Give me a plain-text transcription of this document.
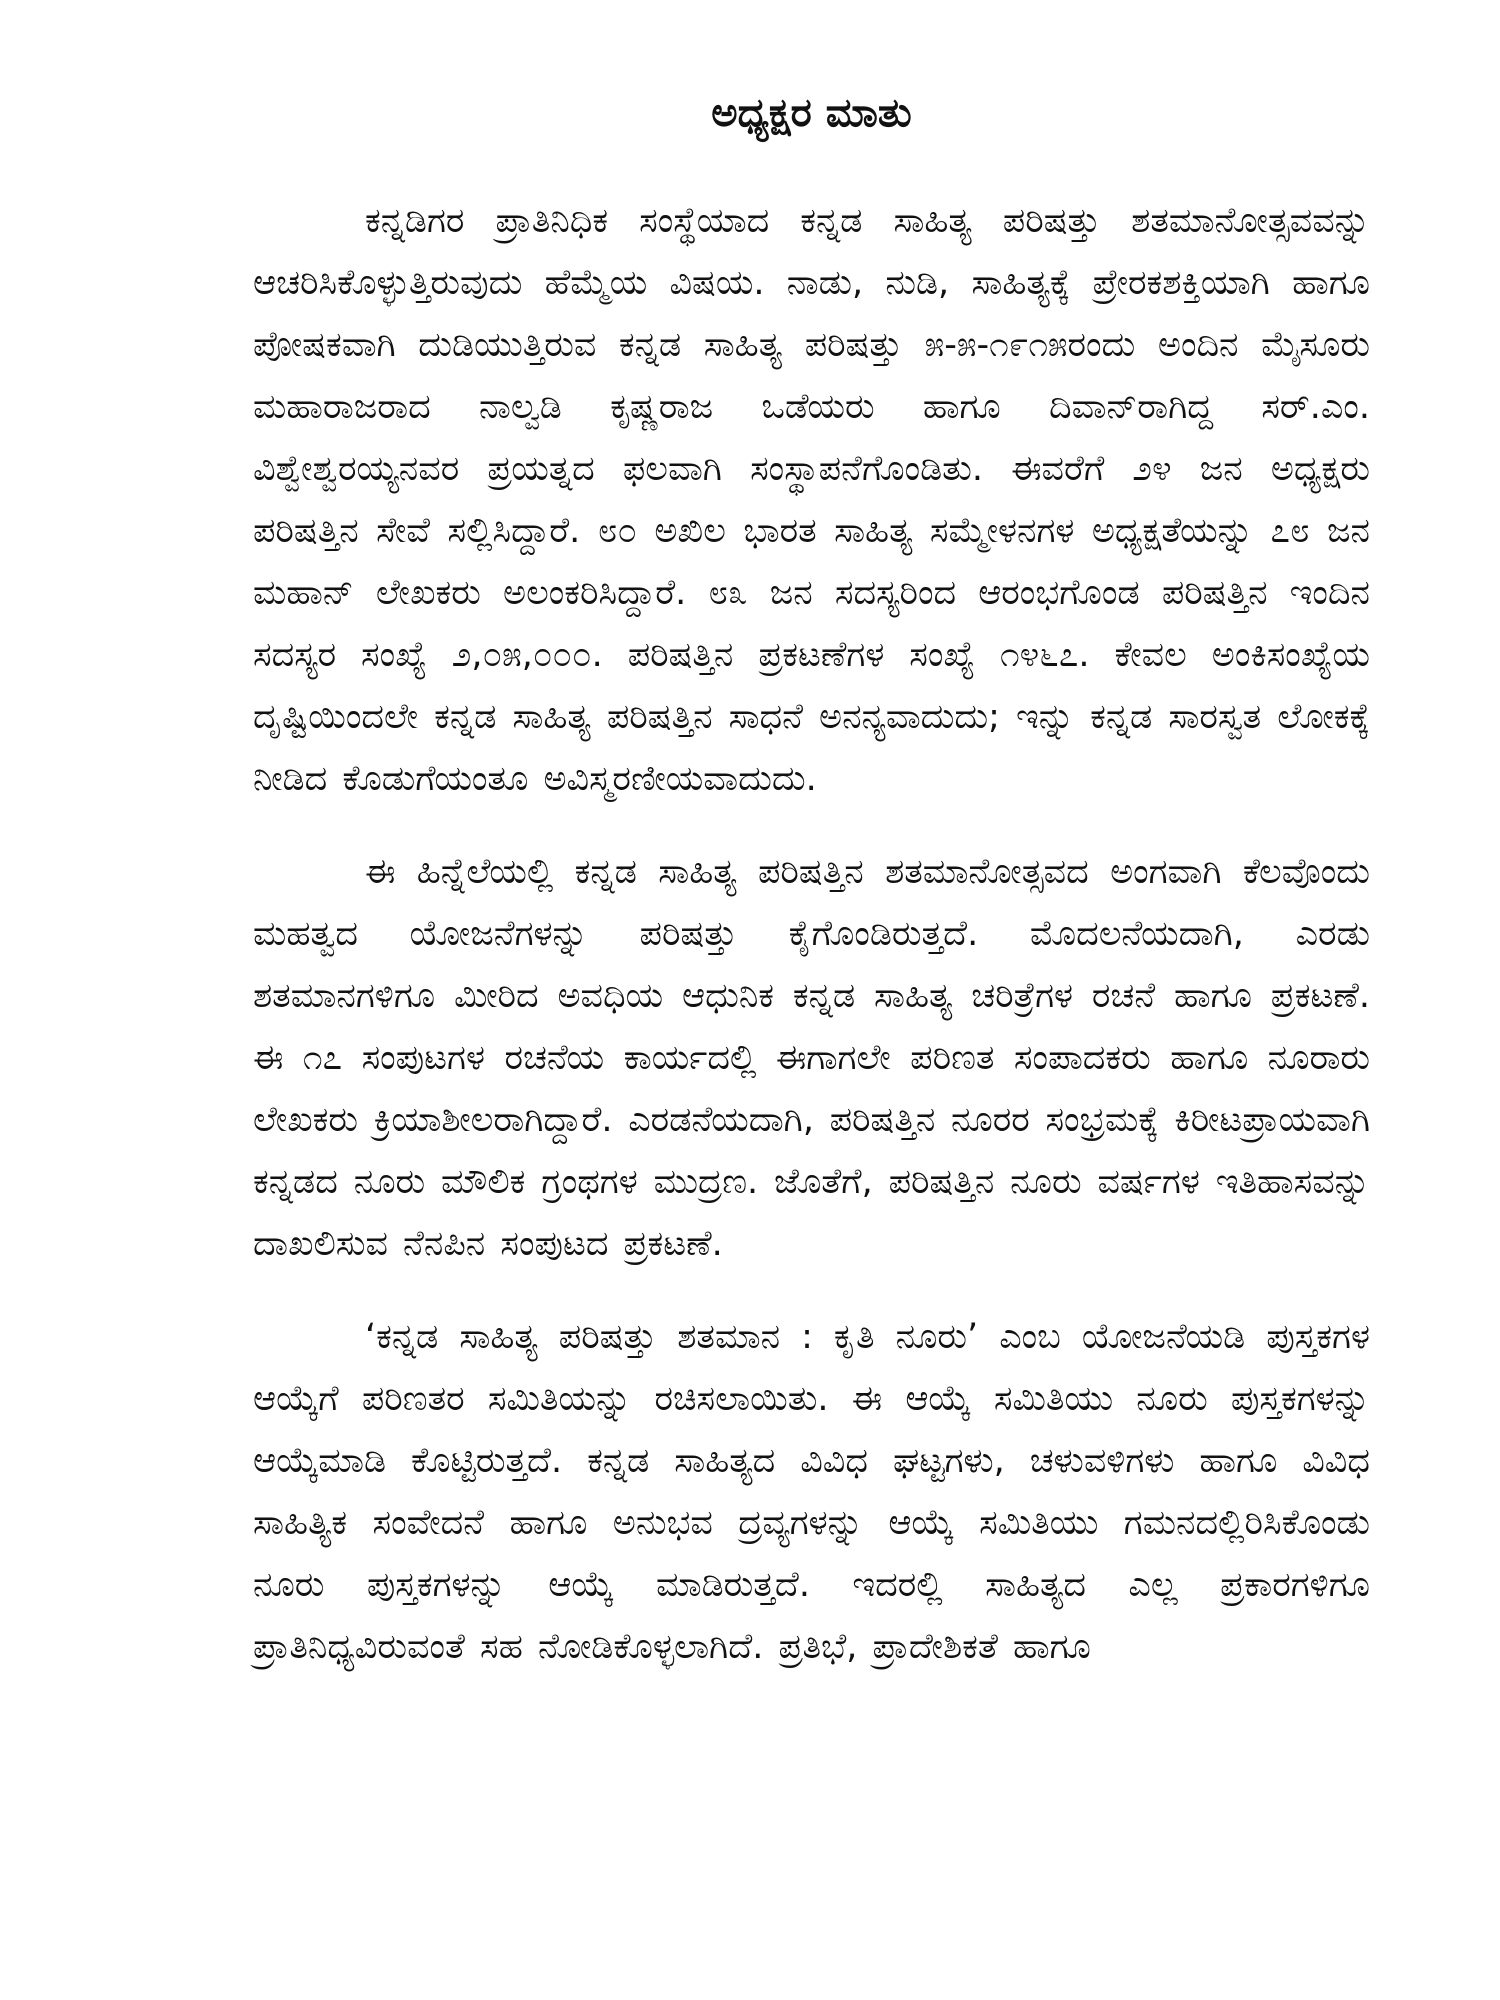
ಅಧ್ಯಕ್ಷರ ಮಾತು

ಕನ್ನಡಿಗರ ಪ್ರಾತಿನಿಧಿಕ ಸಂಸ್ಥೆಯಾದ ಕನ್ನಡ ಸಾಹಿತ್ಯ ಪರಿಷತ್ತು ಶತಮಾನೋತ್ಸವವನ್ನು ಆಚರಿಸಿಕೊಳ್ಳುತ್ತಿರುವುದು ಹೆಮ್ಮೆಯ ವಿಷಯ. ನಾಡು, ನುಡಿ, ಸಾಹಿತ್ಯಕ್ಕೆ ಪ್ರೇರಕಶಕ್ತಿಯಾಗಿ ಹಾಗೂ ಪೋಷಕವಾಗಿ ದುಡಿಯುತ್ತಿರುವ ಕನ್ನಡ ಸಾಹಿತ್ಯ ಪರಿಷತ್ತು ೫-೫-೧೯೧೫ರಂದು ಅಂದಿನ ಮೈಸೂರು ಮಹಾರಾಜರಾದ ನಾಲ್ವಡಿ ಕೃಷ್ಣರಾಜ ಒಡೆಯರು ಹಾಗೂ ದಿವಾನ್‌ರಾಗಿದ್ದ ಸರ್.ಎಂ. ವಿಶ್ವೇಶ್ವರಯ್ಯನವರ ಪ್ರಯತ್ನದ ಫಲವಾಗಿ ಸಂಸ್ಥಾಪನೆಗೊಂಡಿತು. ಈವರೆಗೆ ೨೪ ಜನ ಅಧ್ಯಕ್ಷರು ಪರಿಷತ್ತಿನ ಸೇವೆ ಸಲ್ಲಿಸಿದ್ದಾರೆ. ೮೦ ಅಖಿಲ ಭಾರತ ಸಾಹಿತ್ಯ ಸಮ್ಮೇಳನಗಳ ಅಧ್ಯಕ್ಷತೆಯನ್ನು ೭೮ ಜನ ಮಹಾನ್ ಲೇಖಕರು ಅಲಂಕರಿಸಿದ್ದಾರೆ. ೮೩ ಜನ ಸದಸ್ಯರಿಂದ ಆರಂಭಗೊಂಡ ಪರಿಷತ್ತಿನ ಇಂದಿನ ಸದಸ್ಯರ ಸಂಖ್ಯೆ ೨,೦೫,೦೦೦. ಪರಿಷತ್ತಿನ ಪ್ರಕಟಣೆಗಳ ಸಂಖ್ಯೆ ೧೪೬೭. ಕೇವಲ ಅಂಕಿಸಂಖ್ಯೆಯ ದೃಷ್ಟಿಯಿಂದಲೇ ಕನ್ನಡ ಸಾಹಿತ್ಯ ಪರಿಷತ್ತಿನ ಸಾಧನೆ ಅನನ್ಯವಾದುದು; ಇನ್ನು ಕನ್ನಡ ಸಾರಸ್ವತ ಲೋಕಕ್ಕೆ ನೀಡಿದ ಕೊಡುಗೆಯಂತೂ ಅವಿಸ್ಮರಣೀಯವಾದುದು.

ಈ ಹಿನ್ನೆಲೆಯಲ್ಲಿ ಕನ್ನಡ ಸಾಹಿತ್ಯ ಪರಿಷತ್ತಿನ ಶತಮಾನೋತ್ಸವದ ಅಂಗವಾಗಿ ಕೆಲವೊಂದು ಮಹತ್ವದ ಯೋಜನೆಗಳನ್ನು ಪರಿಷತ್ತು ಕೈಗೊಂಡಿರುತ್ತದೆ. ಮೊದಲನೆಯದಾಗಿ, ಎರಡು ಶತಮಾನಗಳಿಗೂ ಮೀರಿದ ಅವಧಿಯ ಆಧುನಿಕ ಕನ್ನಡ ಸಾಹಿತ್ಯ ಚರಿತ್ರೆಗಳ ರಚನೆ ಹಾಗೂ ಪ್ರಕಟಣೆ. ಈ ೧೭ ಸಂಪುಟಗಳ ರಚನೆಯ ಕಾರ್ಯದಲ್ಲಿ ಈಗಾಗಲೇ ಪರಿಣತ ಸಂಪಾದಕರು ಹಾಗೂ ನೂರಾರು ಲೇಖಕರು ಕ್ರಿಯಾಶೀಲರಾಗಿದ್ದಾರೆ. ಎರಡನೆಯದಾಗಿ, ಪರಿಷತ್ತಿನ ನೂರರ ಸಂಭ್ರಮಕ್ಕೆ ಕಿರೀಟಪ್ರಾಯವಾಗಿ ಕನ್ನಡದ ನೂರು ಮೌಲಿಕ ಗ್ರಂಥಗಳ ಮುದ್ರಣ. ಜೊತೆಗೆ, ಪರಿಷತ್ತಿನ ನೂರು ವರ್ಷಗಳ ಇತಿಹಾಸವನ್ನು ದಾಖಲಿಸುವ ನೆನಪಿನ ಸಂಪುಟದ ಪ್ರಕಟಣೆ.

‘ಕನ್ನಡ ಸಾಹಿತ್ಯ ಪರಿಷತ್ತು ಶತಮಾನ : ಕೃತಿ ನೂರು’ ಎಂಬ ಯೋಜನೆಯಡಿ ಪುಸ್ತಕಗಳ ಆಯ್ಕೆಗೆ ಪರಿಣತರ ಸಮಿತಿಯನ್ನು ರಚಿಸಲಾಯಿತು. ಈ ಆಯ್ಕೆ ಸಮಿತಿಯು ನೂರು ಪುಸ್ತಕಗಳನ್ನು ಆಯ್ಕೆಮಾಡಿ ಕೊಟ್ಟಿರುತ್ತದೆ. ಕನ್ನಡ ಸಾಹಿತ್ಯದ ವಿವಿಧ ಘಟ್ಟಗಳು, ಚಳುವಳಿಗಳು ಹಾಗೂ ವಿವಿಧ ಸಾಹಿತ್ಯಿಕ ಸಂವೇದನೆ ಹಾಗೂ ಅನುಭವ ದ್ರವ್ಯಗಳನ್ನು ಆಯ್ಕೆ ಸಮಿತಿಯು ಗಮನದಲ್ಲಿರಿಸಿಕೊಂಡು ನೂರು ಪುಸ್ತಕಗಳನ್ನು ಆಯ್ಕೆ ಮಾಡಿರುತ್ತದೆ. ಇದರಲ್ಲಿ ಸಾಹಿತ್ಯದ ಎಲ್ಲ ಪ್ರಕಾರಗಳಿಗೂ ಪ್ರಾತಿನಿಧ್ಯವಿರುವಂತೆ ಸಹ ನೋಡಿಕೊಳ್ಳಲಾಗಿದೆ. ಪ್ರತಿಭೆ, ಪ್ರಾದೇಶಿಕತೆ ಹಾಗೂ
